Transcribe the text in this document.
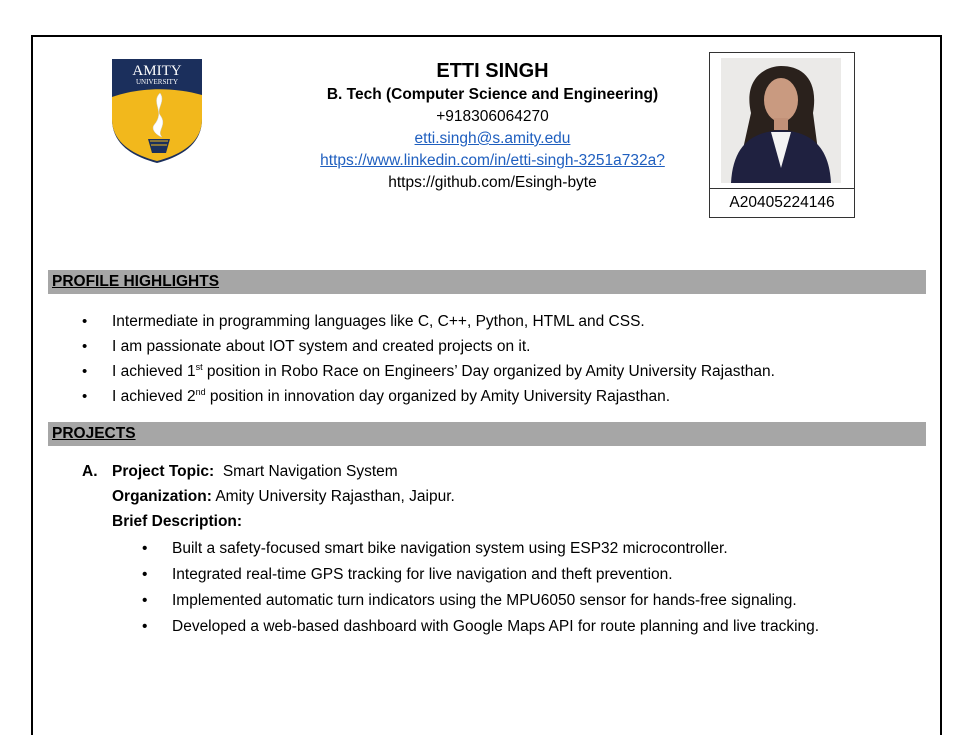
AMITY
UNIVERSITY	ETTI SINGH
B. Tech (Computer Science and Engineering)
+918306064270
etti.singh@s.amity.edu
https://www.linkedin.com/in/etti-singh-3251a732a?
https://github.com/Esingh-byte
A20405224146
PROFILE HIGHLIGHTS
• Intermediate in programming languages like C, C++, Python, HTML and CSS.
• I am passionate about IOT system and created projects on it.
• I achieved 1st position in Robo Race on Engineers’ Day organized by Amity University Rajasthan.
• I achieved 2nd position in innovation day organized by Amity University Rajasthan.
PROJECTS
A. Project Topic: Smart Navigation System
Organization: Amity University Rajasthan, Jaipur.
Brief Description:
• Built a safety-focused smart bike navigation system using ESP32 microcontroller.
• Integrated real-time GPS tracking for live navigation and theft prevention.
• Implemented automatic turn indicators using the MPU6050 sensor for hands-free signaling.
• Developed a web-based dashboard with Google Maps API for route planning and live tracking.
